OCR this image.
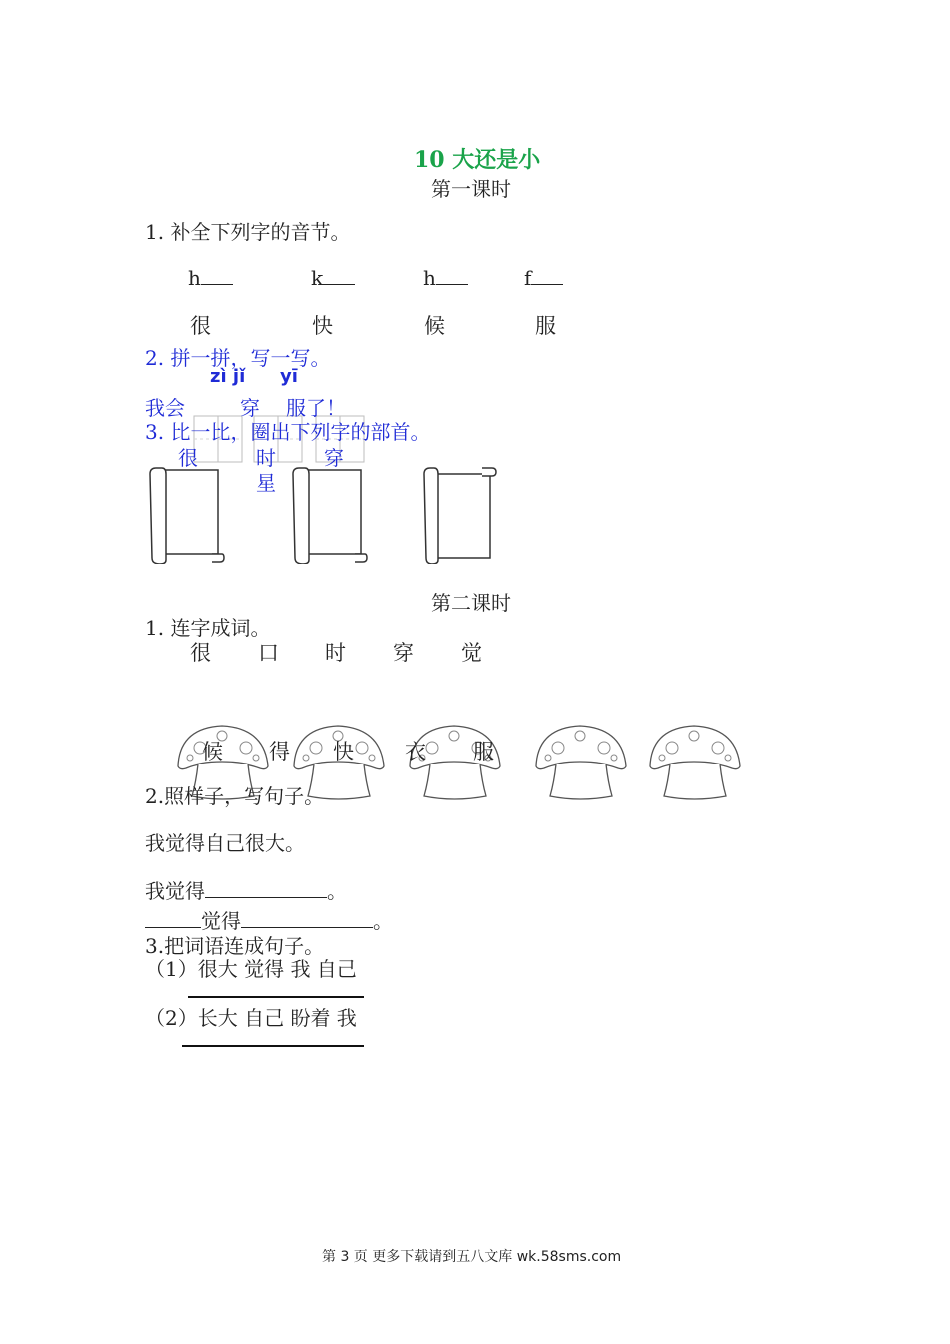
10 大还是小
第一课时
1. 补全下列字的音节。
h	k	h	f
很	快	候	服
2. 拼一拼，写一写。
zì jǐ yī
我会	穿 服了！
3. 比一比，圈出下列字的部首。
很	时 穿
星
第二课时
1. 连字成词。
很 口 时 穿 觉
候 得 快 衣 服
2.照样子，写句子。
我觉得自己很大。
我觉得	。
觉得	。
3.把词语连成句子。
（1）很大 觉得 我 自己
（2）长大 自己 盼着 我
第 3 页 更多下载请到五八文库 wk.58sms.com
